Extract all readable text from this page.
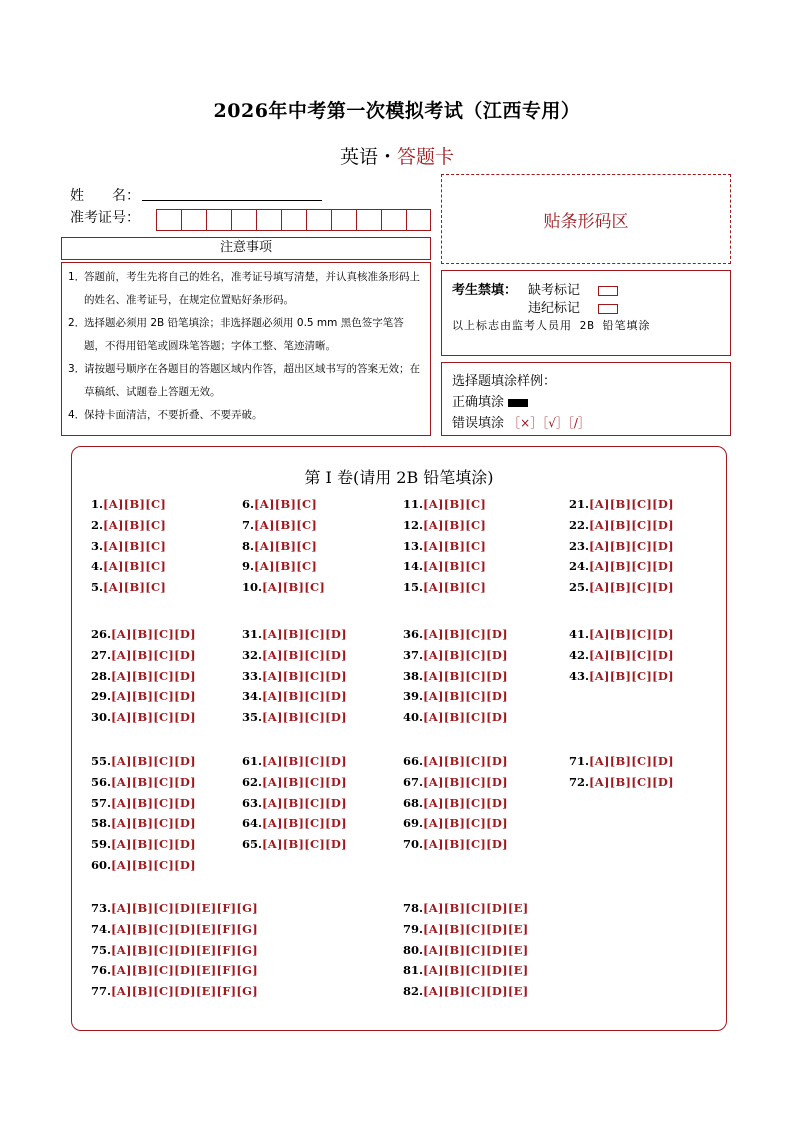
2026年中考第一次模拟考试（江西专用）
英语・答题卡
姓　　名：
准考证号：
注意事项
1．
答题前，考生先将自己的姓名，准考证号填写清楚，并认真核准条形码上的姓名、准考证号，在规定位置贴好条形码。
2．
选择题必须用 2B 铅笔填涂；非选择题必须用 0.5 mm 黑色签字笔答题，不得用铅笔或圆珠笔答题；字体工整、笔迹清晰。
3．
请按题号顺序在各题目的答题区域内作答，超出区域书写的答案无效；在草稿纸、试题卷上答题无效。
4．
保持卡面清洁，不要折叠、不要弄破。
贴条形码区
考生禁填： 缺考标记
违纪标记
以上标志由监考人员用 2B 铅笔填涂
选择题填涂样例：
正确填涂
错误填涂 ［×］［√］［/］
第 I 卷(请用 2B 铅笔填涂)
1.[A][B][C]
2.[A][B][C]
3.[A][B][C]
4.[A][B][C]
5.[A][B][C]
6.[A][B][C]
7.[A][B][C]
8.[A][B][C]
9.[A][B][C]
10.[A][B][C]
11.[A][B][C]
12.[A][B][C]
13.[A][B][C]
14.[A][B][C]
15.[A][B][C]
21.[A][B][C][D]
22.[A][B][C][D]
23.[A][B][C][D]
24.[A][B][C][D]
25.[A][B][C][D]
26.[A][B][C][D]
27.[A][B][C][D]
28.[A][B][C][D]
29.[A][B][C][D]
30.[A][B][C][D]
31.[A][B][C][D]
32.[A][B][C][D]
33.[A][B][C][D]
34.[A][B][C][D]
35.[A][B][C][D]
36.[A][B][C][D]
37.[A][B][C][D]
38.[A][B][C][D]
39.[A][B][C][D]
40.[A][B][C][D]
41.[A][B][C][D]
42.[A][B][C][D]
43.[A][B][C][D]
55.[A][B][C][D]
56.[A][B][C][D]
57.[A][B][C][D]
58.[A][B][C][D]
59.[A][B][C][D]
60.[A][B][C][D]
61.[A][B][C][D]
62.[A][B][C][D]
63.[A][B][C][D]
64.[A][B][C][D]
65.[A][B][C][D]
66.[A][B][C][D]
67.[A][B][C][D]
68.[A][B][C][D]
69.[A][B][C][D]
70.[A][B][C][D]
71.[A][B][C][D]
72.[A][B][C][D]
73.[A][B][C][D][E][F][G]
74.[A][B][C][D][E][F][G]
75.[A][B][C][D][E][F][G]
76.[A][B][C][D][E][F][G]
77.[A][B][C][D][E][F][G]
78.[A][B][C][D][E]
79.[A][B][C][D][E]
80.[A][B][C][D][E]
81.[A][B][C][D][E]
82.[A][B][C][D][E]
